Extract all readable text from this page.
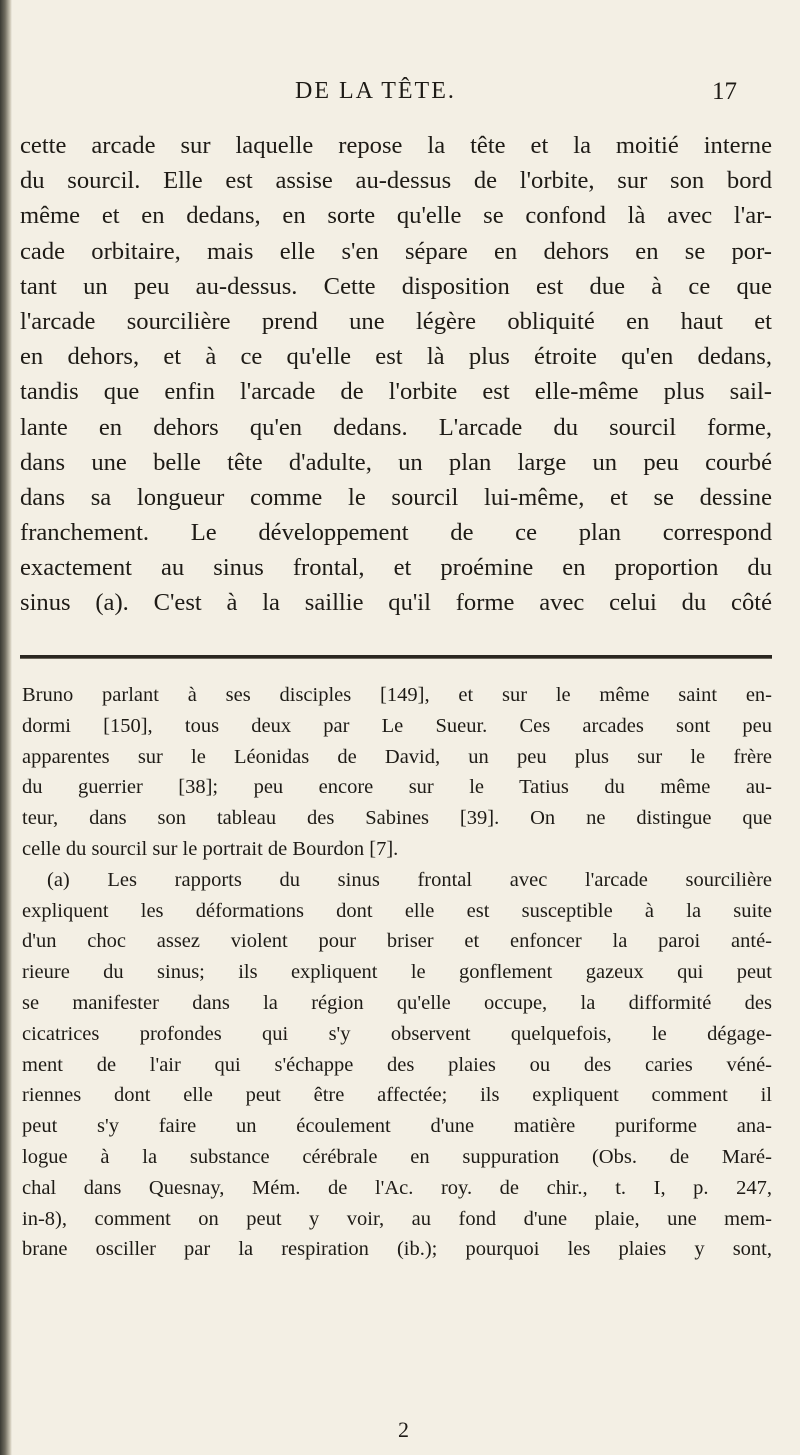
DE LA TÊTE.	17
cette arcade sur laquelle repose la tête et la moitié interne
du sourcil. Elle est assise au-dessus de l'orbite, sur son bord
même et en dedans, en sorte qu'elle se confond là avec l'ar-
cade orbitaire, mais elle s'en sépare en dehors en se por-
tant un peu au-dessus. Cette disposition est due à ce que
l'arcade sourcilière prend une légère obliquité en haut et
en dehors, et à ce qu'elle est là plus étroite qu'en dedans,
tandis que enfin l'arcade de l'orbite est elle-même plus sail-
lante en dehors qu'en dedans. L'arcade du sourcil forme,
dans une belle tête d'adulte, un plan large un peu courbé
dans sa longueur comme le sourcil lui-même, et se dessine
franchement. Le développement de ce plan correspond
exactement au sinus frontal, et proémine en proportion du
sinus (a). C'est à la saillie qu'il forme avec celui du côté
Bruno parlant à ses disciples [149], et sur le même saint en-
dormi [150], tous deux par Le Sueur. Ces arcades sont peu
apparentes sur le Léonidas de David, un peu plus sur le frère
du guerrier [38]; peu encore sur le Tatius du même au-
teur, dans son tableau des Sabines [39]. On ne distingue que
celle du sourcil sur le portrait de Bourdon [7].
(a) Les rapports du sinus frontal avec l'arcade sourcilière
expliquent les déformations dont elle est susceptible à la suite
d'un choc assez violent pour briser et enfoncer la paroi anté-
rieure du sinus; ils expliquent le gonflement gazeux qui peut
se manifester dans la région qu'elle occupe, la difformité des
cicatrices profondes qui s'y observent quelquefois, le dégage-
ment de l'air qui s'échappe des plaies ou des caries véné-
riennes dont elle peut être affectée; ils expliquent comment il
peut s'y faire un écoulement d'une matière puriforme ana-
logue à la substance cérébrale en suppuration (Obs. de Maré-
chal dans Quesnay, Mém. de l'Ac. roy. de chir., t. I, p. 247,
in-8), comment on peut y voir, au fond d'une plaie, une mem-
brane osciller par la respiration (ib.); pourquoi les plaies y sont,
2
